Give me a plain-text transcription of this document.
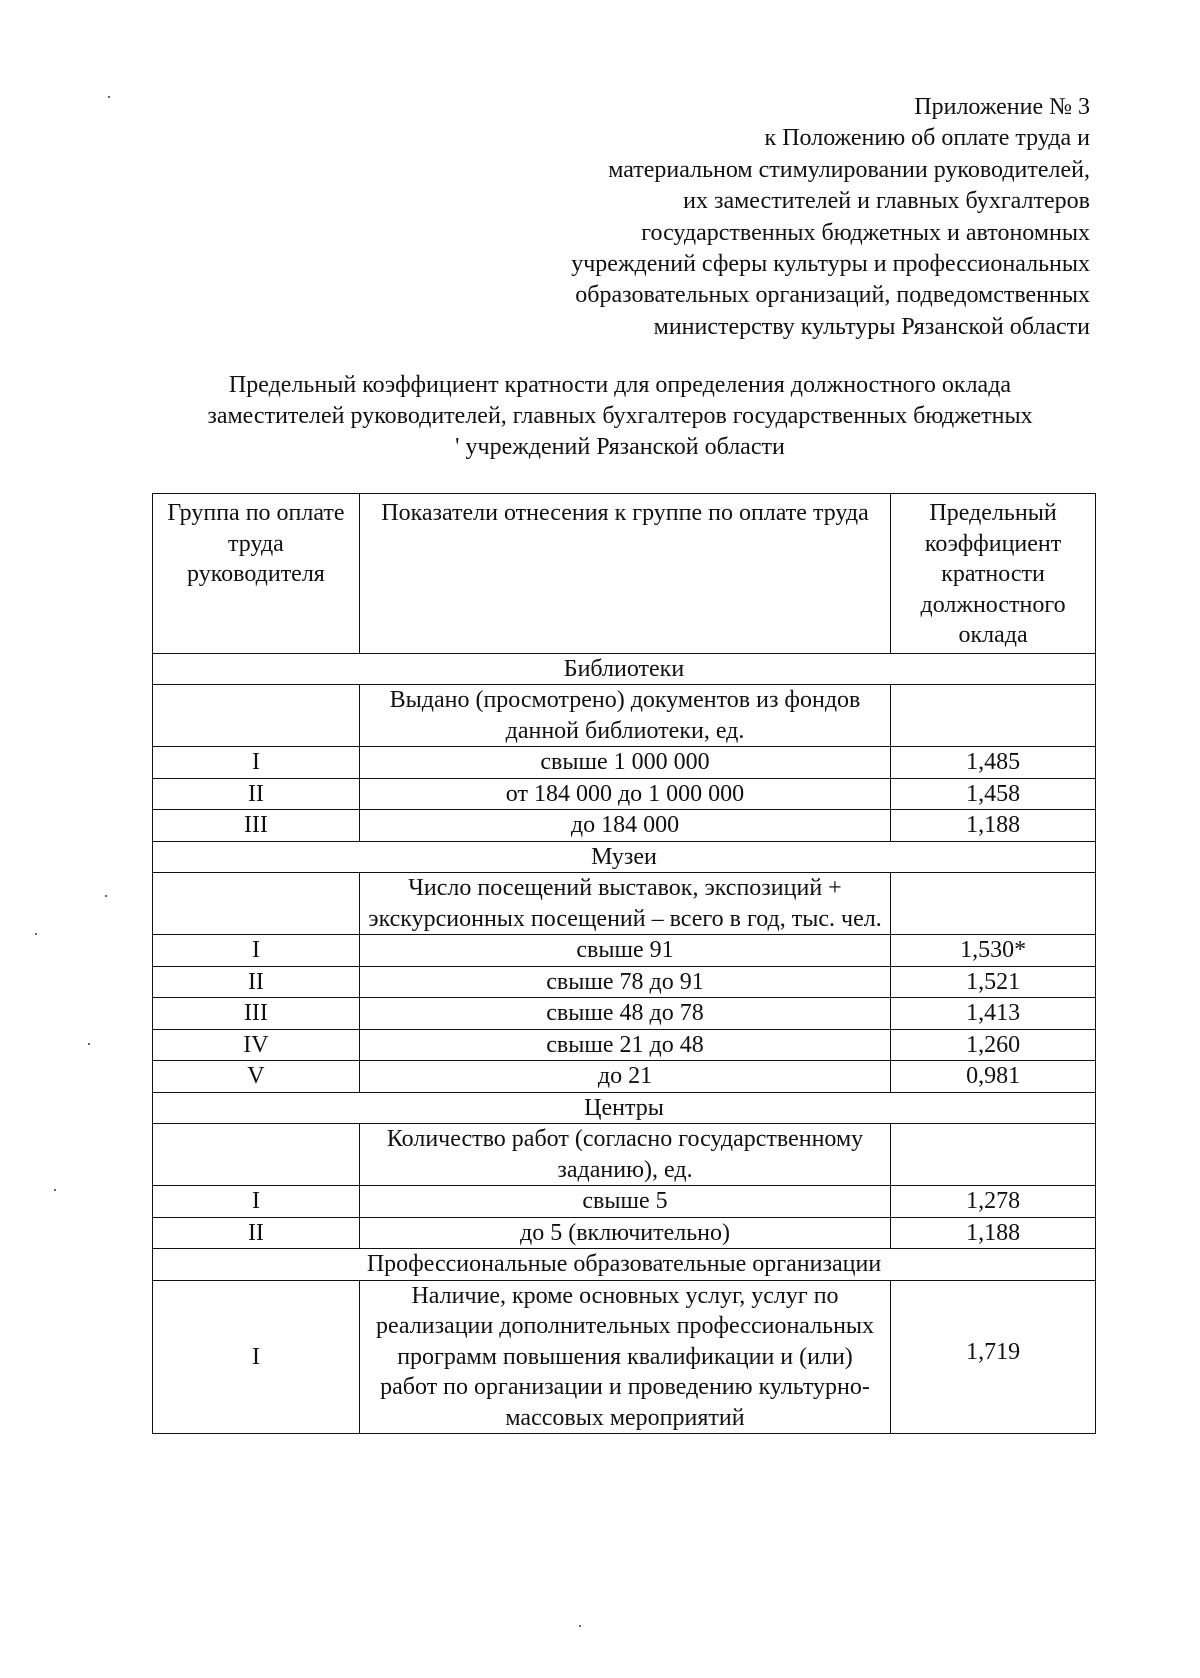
Приложение № 3
к Положению об оплате труда и
материальном стимулировании руководителей,
их заместителей и главных бухгалтеров
государственных бюджетных и автономных
учреждений сферы культуры и профессиональных
образовательных организаций, подведомственных
министерству культуры Рязанской области
Предельный коэффициент кратности для определения должностного оклада
заместителей руководителей, главных бухгалтеров государственных бюджетных
' учреждений Рязанской области
Группа по оплате труда руководителя	Показатели отнесения к группе по оплате труда	Предельный коэффициент кратности должностного оклада
Библиотеки		
	Выдано (просмотрено) документов из фондов данной библиотеки, ед.	
I	свыше 1 000 000	1,485
II	от 184 000 до 1 000 000	1,458
III	до 184 000	1,188
Музеи		
	Число посещений выставок, экспозиций + экскурсионных посещений – всего в год, тыс. чел.	
I	свыше 91	1,530*
II	свыше 78 до 91	1,521
III	свыше 48 до 78	1,413
IV	свыше 21 до 48	1,260
V	до 21	0,981
Центры		
	Количество работ (согласно государственному заданию), ед.	
I	свыше 5	1,278
II	до 5 (включительно)	1,188
Профессиональные образовательные организации		
I	Наличие, кроме основных услуг, услуг по реализации дополнительных профессиональных программ повышения квалификации и (или) работ по организации и проведению культурно-массовых мероприятий	1,719
